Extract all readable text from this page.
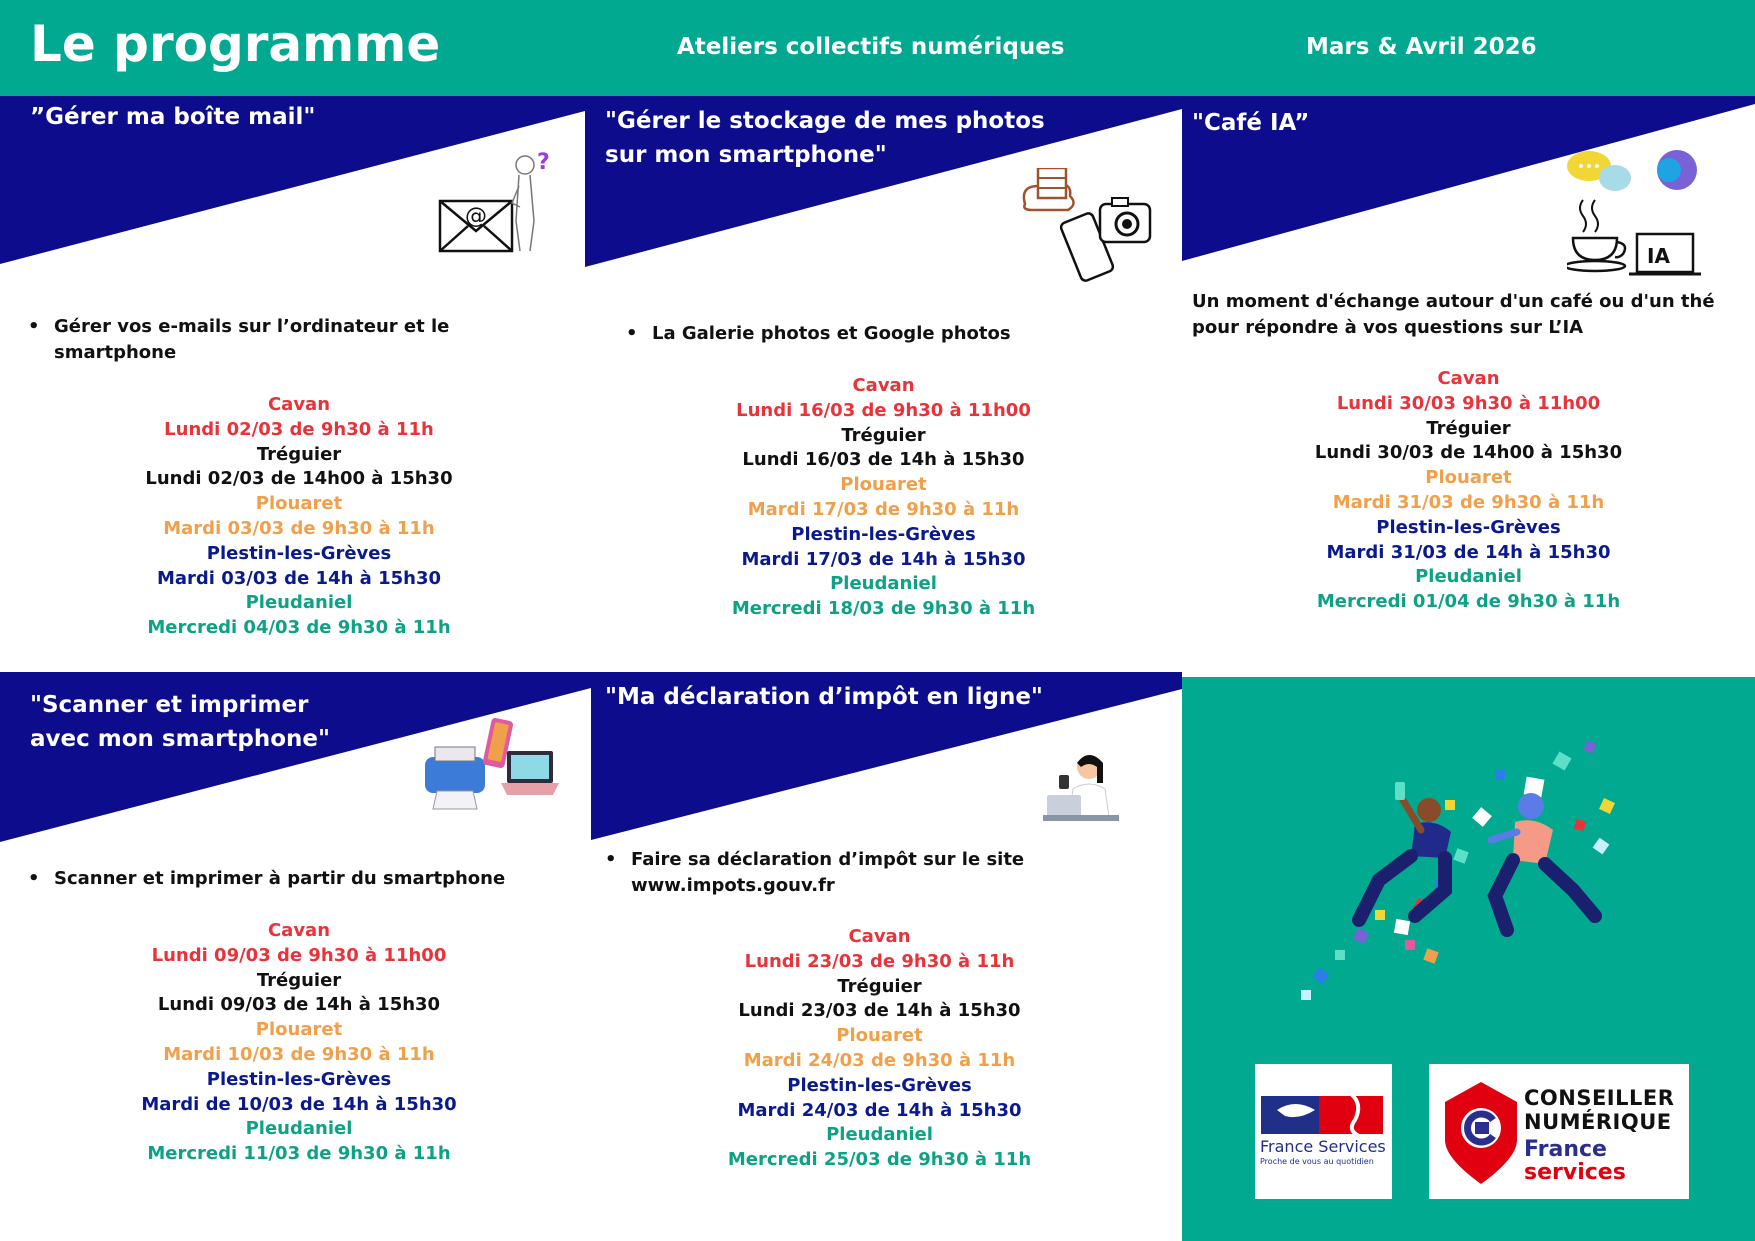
Le programme	Ateliers collectifs numériques	Mars & Avril 2026
”Gérer ma boîte mail"
@
?

• Gérer vos e-mails sur l’ordinateur et le smartphone

Cavan
Lundi 02/03 de 9h30 à 11h
Tréguier
Lundi 02/03 de 14h00 à 15h30
Plouaret
Mardi 03/03 de 9h30 à 11h
Plestin-les-Grèves
Mardi 03/03 de 14h à 15h30
Pleudaniel
Mercredi 04/03 de 9h30 à 11h
"Gérer le stockage de mes photos
sur mon smartphone"

• La Galerie photos et Google photos

Cavan
Lundi 16/03 de 9h30 à 11h00
Tréguier
Lundi 16/03 de 14h à 15h30
Plouaret
Mardi 17/03 de 9h30 à 11h
Plestin-les-Grèves
Mardi 17/03 de 14h à 15h30
Pleudaniel
Mercredi 18/03 de 9h30 à 11h
"Café IA”
IA

Un moment d'échange autour d'un café ou d'un thé pour répondre à vos questions sur L’IA

Cavan
Lundi 30/03 9h30 à 11h00
Tréguier
Lundi 30/03 de 14h00 à 15h30
Plouaret
Mardi 31/03 de 9h30 à 11h
Plestin-les-Grèves
Mardi 31/03 de 14h à 15h30
Pleudaniel
Mercredi 01/04 de 9h30 à 11h
"Scanner et imprimer
avec mon smartphone"

• Scanner et imprimer à partir du smartphone

Cavan
Lundi 09/03 de 9h30 à 11h00
Tréguier
Lundi 09/03 de 14h à 15h30
Plouaret
Mardi 10/03 de 9h30 à 11h
Plestin-les-Grèves
Mardi de 10/03 de 14h à 15h30
Pleudaniel
Mercredi 11/03 de 9h30 à 11h
"Ma déclaration d’impôt en ligne"

• Faire sa déclaration d’impôt sur le site www.impots.gouv.fr

Cavan
Lundi 23/03 de 9h30 à 11h
Tréguier
Lundi 23/03 de 14h à 15h30
Plouaret
Mardi 24/03 de 9h30 à 11h
Plestin-les-Grèves
Mardi 24/03 de 14h à 15h30
Pleudaniel
Mercredi 25/03 de 9h30 à 11h
France Services
Proche de vous au quotidien
CONSEILLER
NUMÉRIQUE
France
services
